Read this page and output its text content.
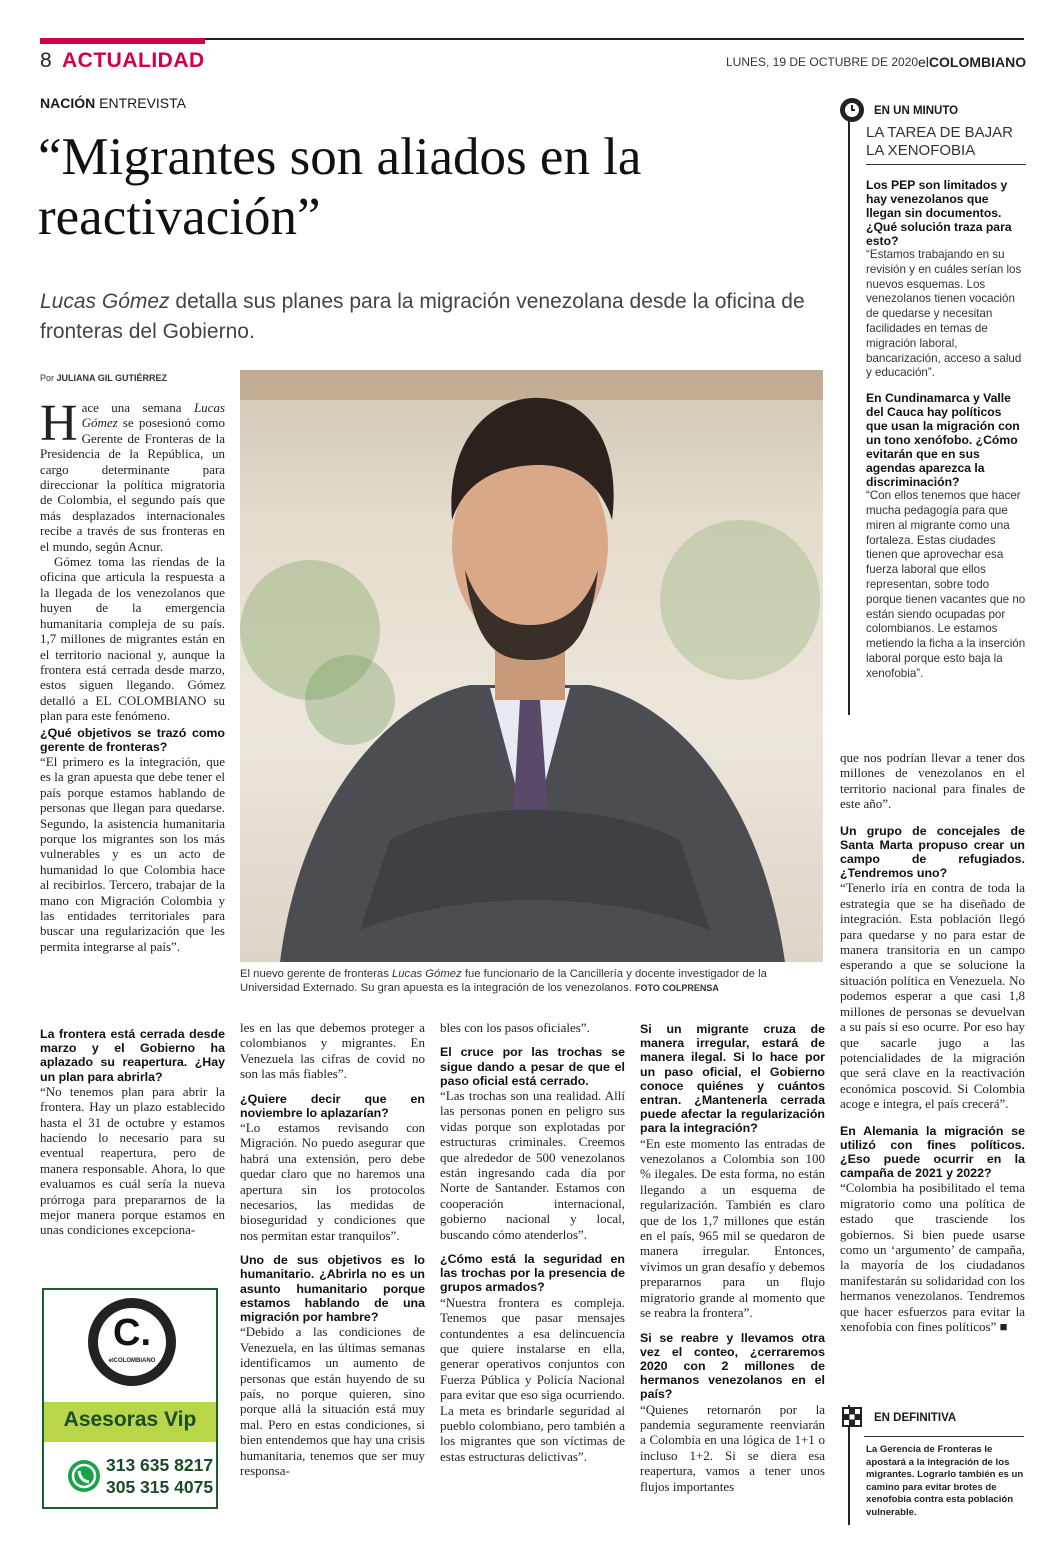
8 ACTUALIDAD	LUNES, 19 DE OCTUBRE DE 2020 elCOLOMBIANO
NACIÓN ENTREVISTA
“Migrantes son aliados en la reactivación”
Lucas Gómez detalla sus planes para la migración venezolana desde la oficina de fronteras del Gobierno.
Por JULIANA GIL GUTIÉRREZ
H ace una semana Lucas Gómez se posesionó como Gerente de Fronteras de la Presidencia de la República, un cargo determinante para direccionar la política migratoria de Colombia, el segundo país que más desplazados internacionales recibe a través de sus fronteras en el mundo, según Acnur.

Gómez toma las riendas de la oficina que articula la respuesta a la llegada de los venezolanos que huyen de la emergencia humanitaria compleja de su país. 1,7 millones de migrantes están en el territorio nacional y, aunque la frontera está cerrada desde marzo, estos siguen llegando. Gómez detalló a EL COLOMBIANO su plan para este fenómeno.

¿Qué objetivos se trazó como gerente de fronteras?

“El primero es la integración, que es la gran apuesta que debe tener el país porque estamos hablando de personas que llegan para quedarse. Segundo, la asistencia humanitaria porque los migrantes son los más vulnerables y es un acto de humanidad lo que Colombia hace al recibirlos. Tercero, trabajar de la mano con Migración Colombia y las entidades territoriales para buscar una regularización que les permita integrarse al país”.

El nuevo gerente de fronteras Lucas Gómez fue funcionario de la Cancillería y docente investigador de la Universidad Externado. Su gran apuesta es la integración de los venezolanos. FOTO COLPRENSA

La frontera está cerrada desde marzo y el Gobierno ha aplazado su reapertura. ¿Hay un plan para abrirla?

“No tenemos plan para abrir la frontera. Hay un plazo establecido hasta el 31 de octubre y estamos haciendo lo necesario para su eventual reapertura, pero de manera responsable. Ahora, lo que evaluamos es cuál sería la nueva prórroga para prepararnos de la mejor manera porque estamos en unas condiciones excepciona-

C.
elCOLOMBIANO
Asesoras Vip
313 635 8217
305 315 4075

les en las que debemos proteger a colombianos y migrantes. En Venezuela las cifras de covid no son las más fiables”.

¿Quiere decir que en noviembre lo aplazarían?

“Lo estamos revisando con Migración. No puedo asegurar que habrá una extensión, pero debe quedar claro que no haremos una apertura sin los protocolos necesarios, las medidas de bioseguridad y condiciones que nos permitan estar tranquilos”.

Uno de sus objetivos es lo humanitario. ¿Abrirla no es un asunto humanitario porque estamos hablando de una migración por hambre?

“Debido a las condiciones de Venezuela, en las últimas semanas identificamos un aumento de personas que están huyendo de su país, no porque quieren, sino porque allá la situación está muy mal. Pero en estas condiciones, si bien entendemos que hay una crisis humanitaria, tenemos que ser muy responsa-

bles con los pasos oficiales”.

El cruce por las trochas se sigue dando a pesar de que el paso oficial está cerrado.

“Las trochas son una realidad. Allí las personas ponen en peligro sus vidas porque son explotadas por estructuras criminales. Creemos que alrededor de 500 venezolanos están ingresando cada día por Norte de Santander. Estamos con cooperación internacional, gobierno nacional y local, buscando cómo atenderlos”.

¿Cómo está la seguridad en las trochas por la presencia de grupos armados?

“Nuestra frontera es compleja. Tenemos que pasar mensajes contundentes a esa delincuencia que quiere instalarse en ella, generar operativos conjuntos con Fuerza Pública y Policía Nacional para evitar que eso siga ocurriendo. La meta es brindarle seguridad al pueblo colombiano, pero también a los migrantes que son víctimas de estas estructuras delictivas”.

Si un migrante cruza de manera irregular, estará de manera ilegal. Si lo hace por un paso oficial, el Gobierno conoce quiénes y cuántos entran. ¿Mantenerla cerrada puede afectar la regularización para la integración?

“En este momento las entradas de venezolanos a Colombia son 100 % ilegales. De esta forma, no están llegando a un esquema de regularización. También es claro que de los 1,7 millones que están en el país, 965 mil se quedaron de manera irregular. Entonces, vivimos un gran desafío y debemos prepararnos para un flujo migratorio grande al momento que se reabra la frontera”.

Si se reabre y llevamos otra vez el conteo, ¿cerraremos 2020 con 2 millones de hermanos venezolanos en el país?

“Quienes retornarón por la pandemia seguramente reenviarán a Colombia en una lógica de 1+1 o incluso 1+2. Si se diera esa reapertura, vamos a tener unos flujos importantes

que nos podrían llevar a tener dos millones de venezolanos en el territorio nacional para finales de este año”.

Un grupo de concejales de Santa Marta propuso crear un campo de refugiados. ¿Tendremos uno?

“Tenerlo iría en contra de toda la estrategia que se ha diseñado de integración. Esta población llegó para quedarse y no para estar de manera transitoria en un campo esperando a que se solucione la situación política en Venezuela. No podemos esperar a que casi 1,8 millones de personas se devuelvan a su país si eso ocurre. Por eso hay que sacarle jugo a las potencialidades de la migración que será clave en la reactivación económica poscovid. Si Colombia acoge e integra, el país crecerá”.

En Alemania la migración se utilizó con fines políticos. ¿Eso puede ocurrir en la campaña de 2021 y 2022?

“Colombia ha posibilitado el tema migratorio como una política de estado que trasciende los gobiernos. Si bien puede usarse como un ‘argumento’ de campaña, la mayoría de los ciudadanos manifestarán su solidaridad con los hermanos venezolanos. Tendremos que hacer esfuerzos para evitar la xenofobia con fines políticos” ■

EN UN MINUTO
LA TAREA DE BAJAR LA XENOFOBIA

Los PEP son limitados y hay venezolanos que llegan sin documentos. ¿Qué solución traza para esto?

“Estamos trabajando en su revisión y en cuáles serían los nuevos esquemas. Los venezolanos tienen vocación de quedarse y necesitan facilidades en temas de migración laboral, bancarización, acceso a salud y educación”.

En Cundinamarca y Valle del Cauca hay políticos que usan la migración con un tono xenófobo. ¿Cómo evitarán que en sus agendas aparezca la discriminación?

“Con ellos tenemos que hacer mucha pedagogía para que miren al migrante como una fortaleza. Estas ciudades tienen que aprovechar esa fuerza laboral que ellos representan, sobre todo porque tienen vacantes que no están siendo ocupadas por colombianos. Le estamos metiendo la ficha a la inserción laboral porque esto baja la xenofobia”.

EN DEFINITIVA
La Gerencia de Fronteras le apostará a la integración de los migrantes. Lograrlo también es un camino para evitar brotes de xenofobia contra esta población vulnerable.
